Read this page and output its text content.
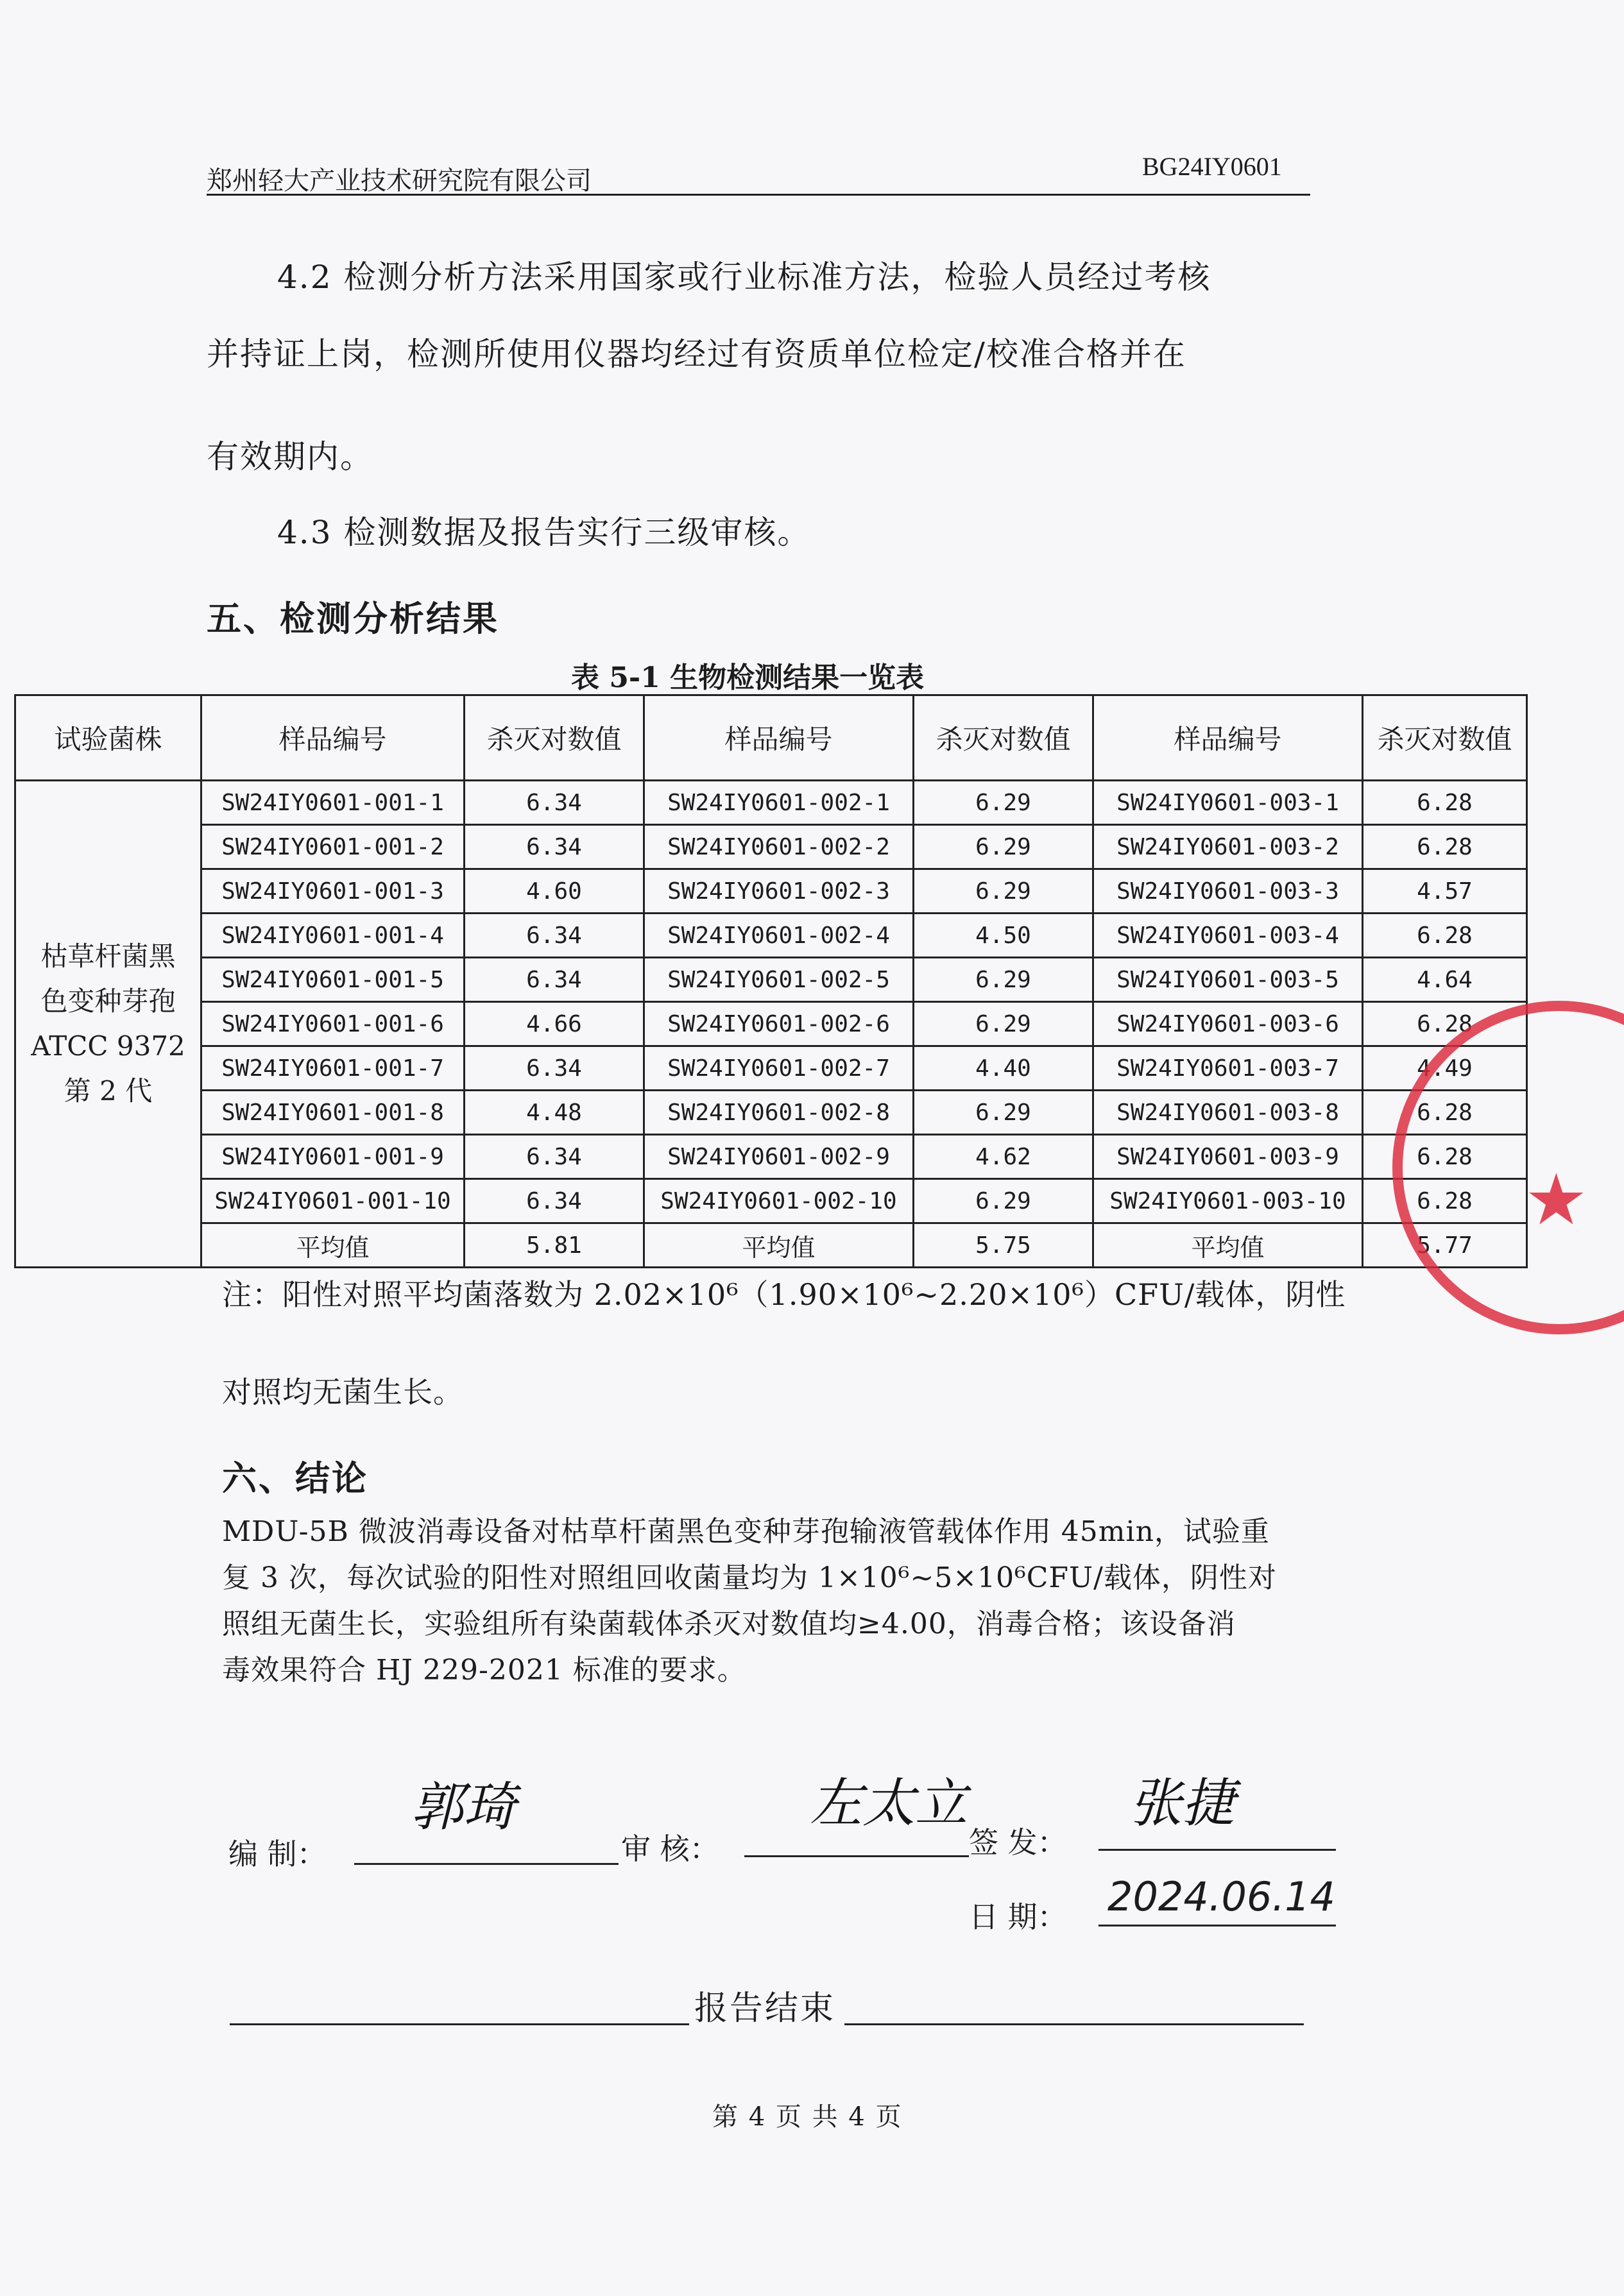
郑州轻大产业技术研究院有限公司	BG24IY0601
4.2 检测分析方法采用国家或行业标准方法，检验人员经过考核
并持证上岗，检测所使用仪器均经过有资质单位检定/校准合格并在
有效期内。
4.3 检测数据及报告实行三级审核。
五、检测分析结果
表 5-1 生物检测结果一览表
试验菌株	样品编号	杀灭对数值	样品编号	杀灭对数值	样品编号	杀灭对数值

枯草杆菌黑
色变种芽孢
ATCC 9372
第 2 代	SW24IY0601-001-1	6.34	SW24IY0601-002-1	6.29	SW24IY0601-003-1	6.28
	SW24IY0601-001-2	6.34	SW24IY0601-002-2	6.29	SW24IY0601-003-2	6.28
	SW24IY0601-001-3	4.60	SW24IY0601-002-3	6.29	SW24IY0601-003-3	4.57
	SW24IY0601-001-4	6.34	SW24IY0601-002-4	4.50	SW24IY0601-003-4	6.28
	SW24IY0601-001-5	6.34	SW24IY0601-002-5	6.29	SW24IY0601-003-5	4.64
	SW24IY0601-001-6	4.66	SW24IY0601-002-6	6.29	SW24IY0601-003-6	6.28
	SW24IY0601-001-7	6.34	SW24IY0601-002-7	4.40	SW24IY0601-003-7	4.49
	SW24IY0601-001-8	4.48	SW24IY0601-002-8	6.29	SW24IY0601-003-8	6.28
	SW24IY0601-001-9	6.34	SW24IY0601-002-9	4.62	SW24IY0601-003-9	6.28
	SW24IY0601-001-10	6.34	SW24IY0601-002-10	6.29	SW24IY0601-003-10	6.28
	平均值	5.81	平均值	5.75	平均值	5.77
注：阳性对照平均菌落数为 2.02×10⁶（1.90×10⁶~2.20×10⁶）CFU/载体，阴性
对照均无菌生长。
六、结论
MDU-5B 微波消毒设备对枯草杆菌黑色变种芽孢输液管载体作用 45min，试验重
复 3 次，每次试验的阳性对照组回收菌量均为 1×10⁶~5×10⁶CFU/载体，阴性对
照组无菌生长，实验组所有染菌载体杀灭对数值均≥4.00，消毒合格；该设备消
毒效果符合 HJ 229-2021 标准的要求。
编 制：
郭琦
审 核：
左太立
签 发：
张捷
日 期： 2024.06.14
报告结束
第 4 页 共 4 页
★
